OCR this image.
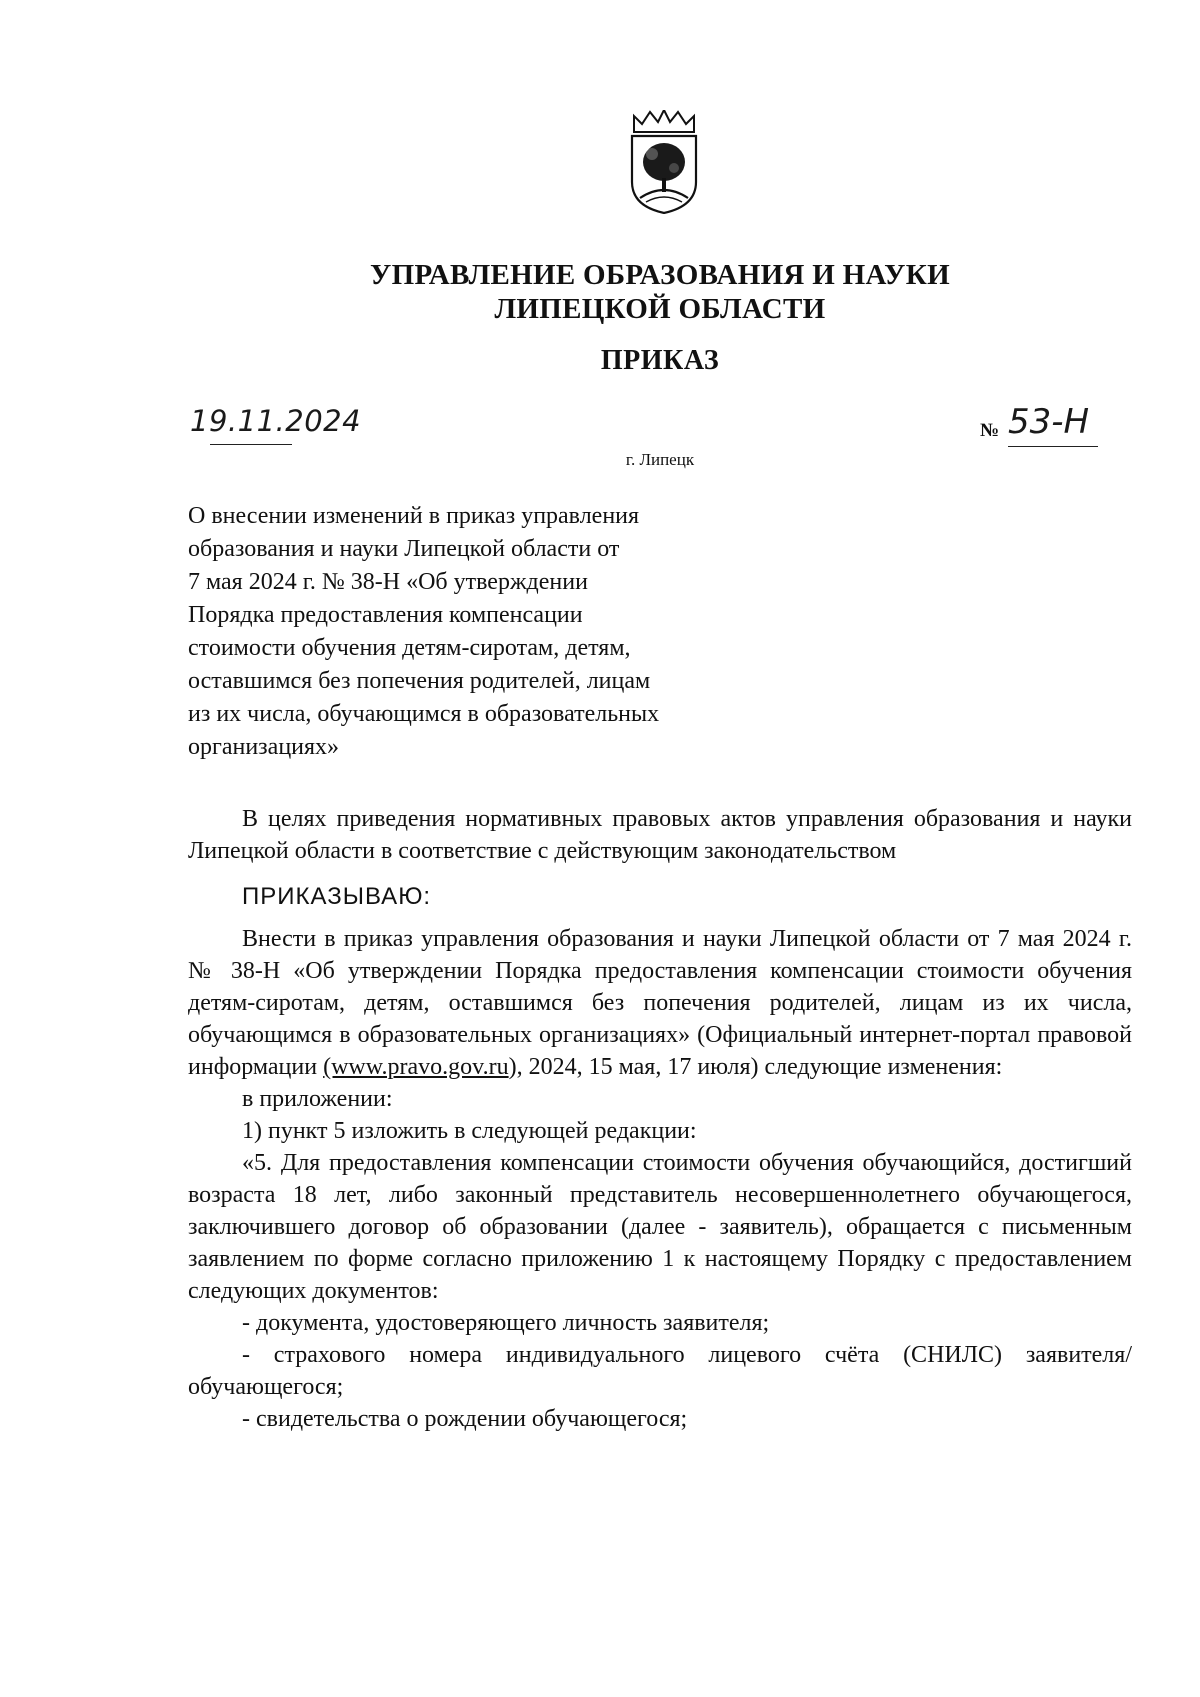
УПРАВЛЕНИЕ ОБРАЗОВАНИЯ И НАУКИ
ЛИПЕЦКОЙ ОБЛАСТИ
ПРИКАЗ
19.11.2024	№ 53-Н
г. Липецк
О внесении изменений в приказ управления
образования и науки Липецкой области от
7 мая 2024 г. № 38-Н «Об утверждении
Порядка предоставления компенсации
стоимости обучения детям-сиротам, детям,
оставшимся без попечения родителей, лицам
из их числа, обучающимся в образовательных
организациях»

В целях приведения нормативных правовых актов управления образования и науки Липецкой области в соответствие с действующим законодательством

ПРИКАЗЫВАЮ:

Внести в приказ управления образования и науки Липецкой области от 7 мая 2024 г. № 38-Н «Об утверждении Порядка предоставления компенсации стоимости обучения детям-сиротам, детям, оставшимся без попечения родителей, лицам из их числа, обучающимся в образовательных организациях» (Официальный интернет-портал правовой информации (www.pravo.gov.ru), 2024, 15 мая, 17 июля) следующие изменения:

в приложении:

1) пункт 5 изложить в следующей редакции:

«5. Для предоставления компенсации стоимости обучения обучающийся, достигший возраста 18 лет, либо законный представитель несовершеннолетнего обучающегося, заключившего договор об образовании (далее - заявитель), обращается с письменным заявлением по форме согласно приложению 1 к настоящему Порядку с предоставлением следующих документов:

- документа, удостоверяющего личность заявителя;

- страхового номера индивидуального лицевого счёта (СНИЛС) заявителя/обучающегося;

- свидетельства о рождении обучающегося;
